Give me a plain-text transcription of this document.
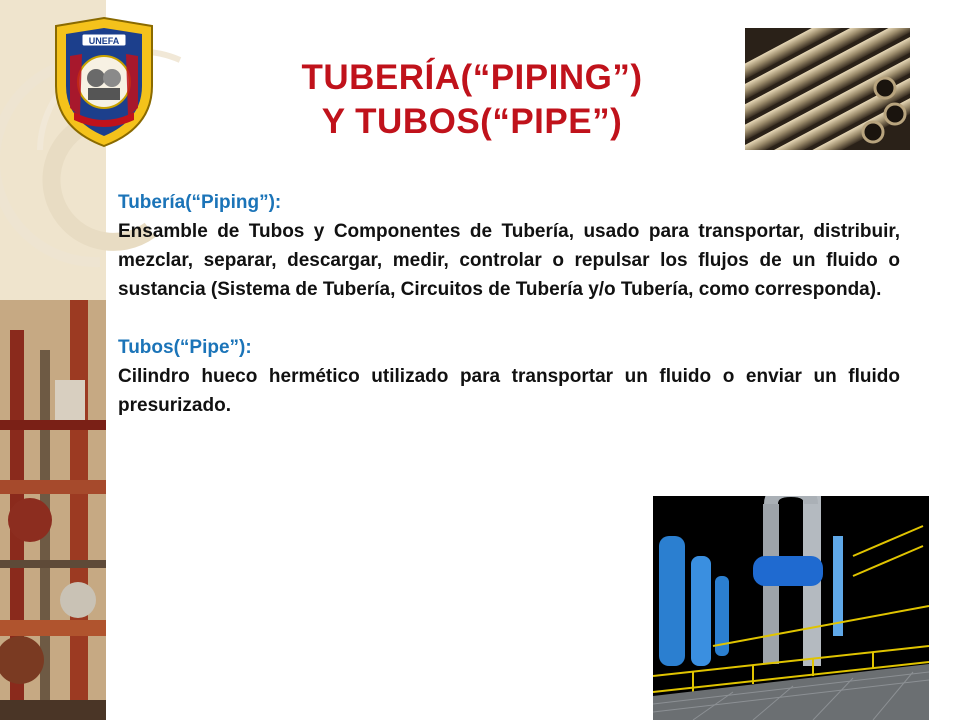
UNEFA
TUBERÍA(“PIPING”)
Y TUBOS(“PIPE”)
Tubería(“Piping”):
Ensamble de Tubos y Componentes de Tubería, usado para transportar, distribuir, mezclar, separar, descargar, medir, controlar o repulsar los flujos de un fluido o sustancia (Sistema de Tubería, Circuitos de Tubería y/o Tubería, como corresponda).
Tubos(“Pipe”):
Cilindro hueco hermético utilizado para transportar un fluido o enviar un fluido presurizado.
